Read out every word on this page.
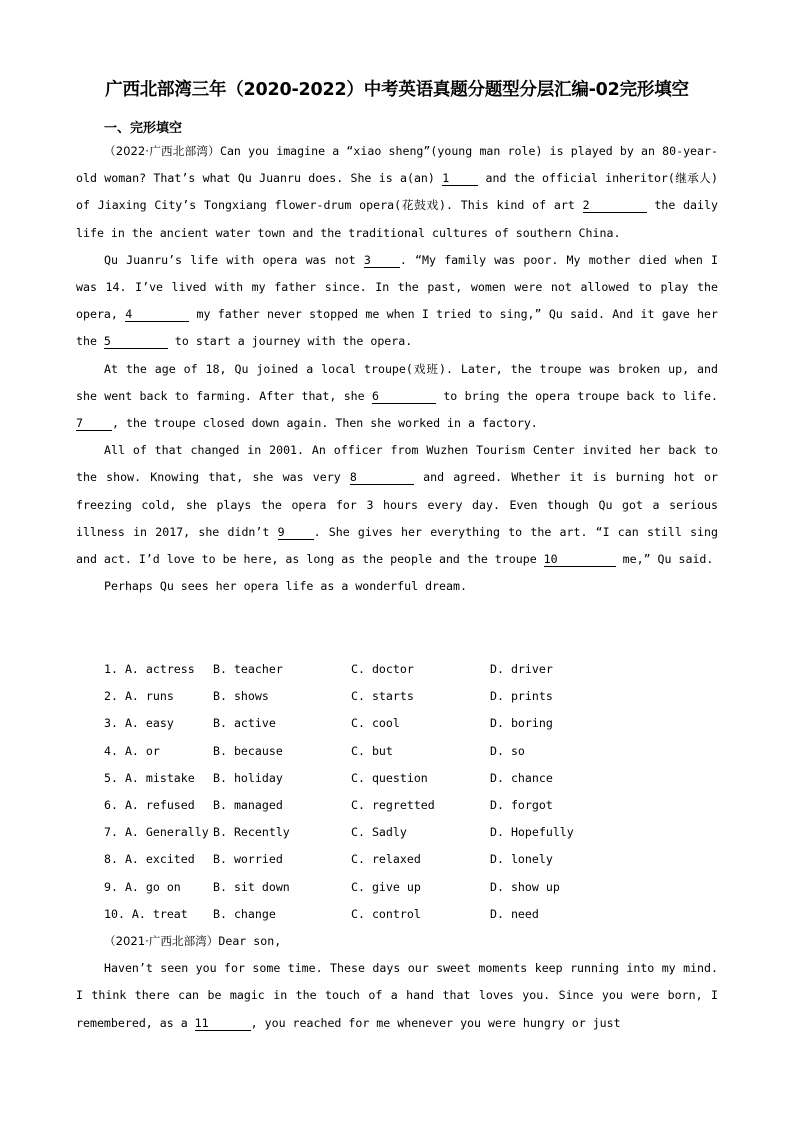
广西北部湾三年（2020-2022）中考英语真题分题型分层汇编-02完形填空
一、完形填空

（2022·广西北部湾）Can you imagine a “xiao sheng”(young man role) is played by an 80-year-old woman? That’s what Qu Juanru does. She is a(an) 1	and the official inheritor(继承人) of Jiaxing City’s Tongxiang flower-drum opera(花鼓戏). This kind of art 2	the daily life in the ancient water town and the traditional cultures of southern China.

Qu Juanru’s life with opera was not 3	. “My family was poor. My mother died when I was 14. I’ve lived with my father since. In the past, women were not allowed to play the opera, 4	my father never stopped me when I tried to sing,” Qu said. And it gave her the 5	to start a journey with the opera.

At the age of 18, Qu joined a local troupe(戏班). Later, the troupe was broken up, and she went back to farming. After that, she 6	to bring the opera troupe back to life. 7	, the troupe closed down again. Then she worked in a factory.

All of that changed in 2001. An officer from Wuzhen Tourism Center invited her back to the show. Knowing that, she was very 8	and agreed. Whether it is burning hot or freezing cold, she plays the opera for 3 hours every day. Even though Qu got a serious illness in 2017, she didn’t 9	. She gives her everything to the art. “I can still sing and act. I’d love to be here, as long as the people and the troupe 10	me,” Qu said.

Perhaps Qu sees her opera life as a wonderful dream.

1. A. actress B. teacher	C. doctor	D. driver
2. A. runs	B. shows	C. starts	D. prints
3. A. easy	B. active	C. cool	D. boring
4. A. or	B. because	C. but	D. so
5. A. mistake B. holiday	C. question	D. chance
6. A. refused B. managed	C. regretted	D. forgot
7. A. Generally B. Recently	C. Sadly	D. Hopefully
8. A. excited B. worried	C. relaxed	D. lonely
9. A. go on	B. sit down	C. give up	D. show up
10. A. treat B. change	C. control	D. need

（2021·广西北部湾）Dear son,

Haven’t seen you for some time. These days our sweet moments keep running into my mind. I think there can be magic in the touch of a hand that loves you. Since you were born, I remembered, as a 11	, you reached for me whenever you were hungry or just
